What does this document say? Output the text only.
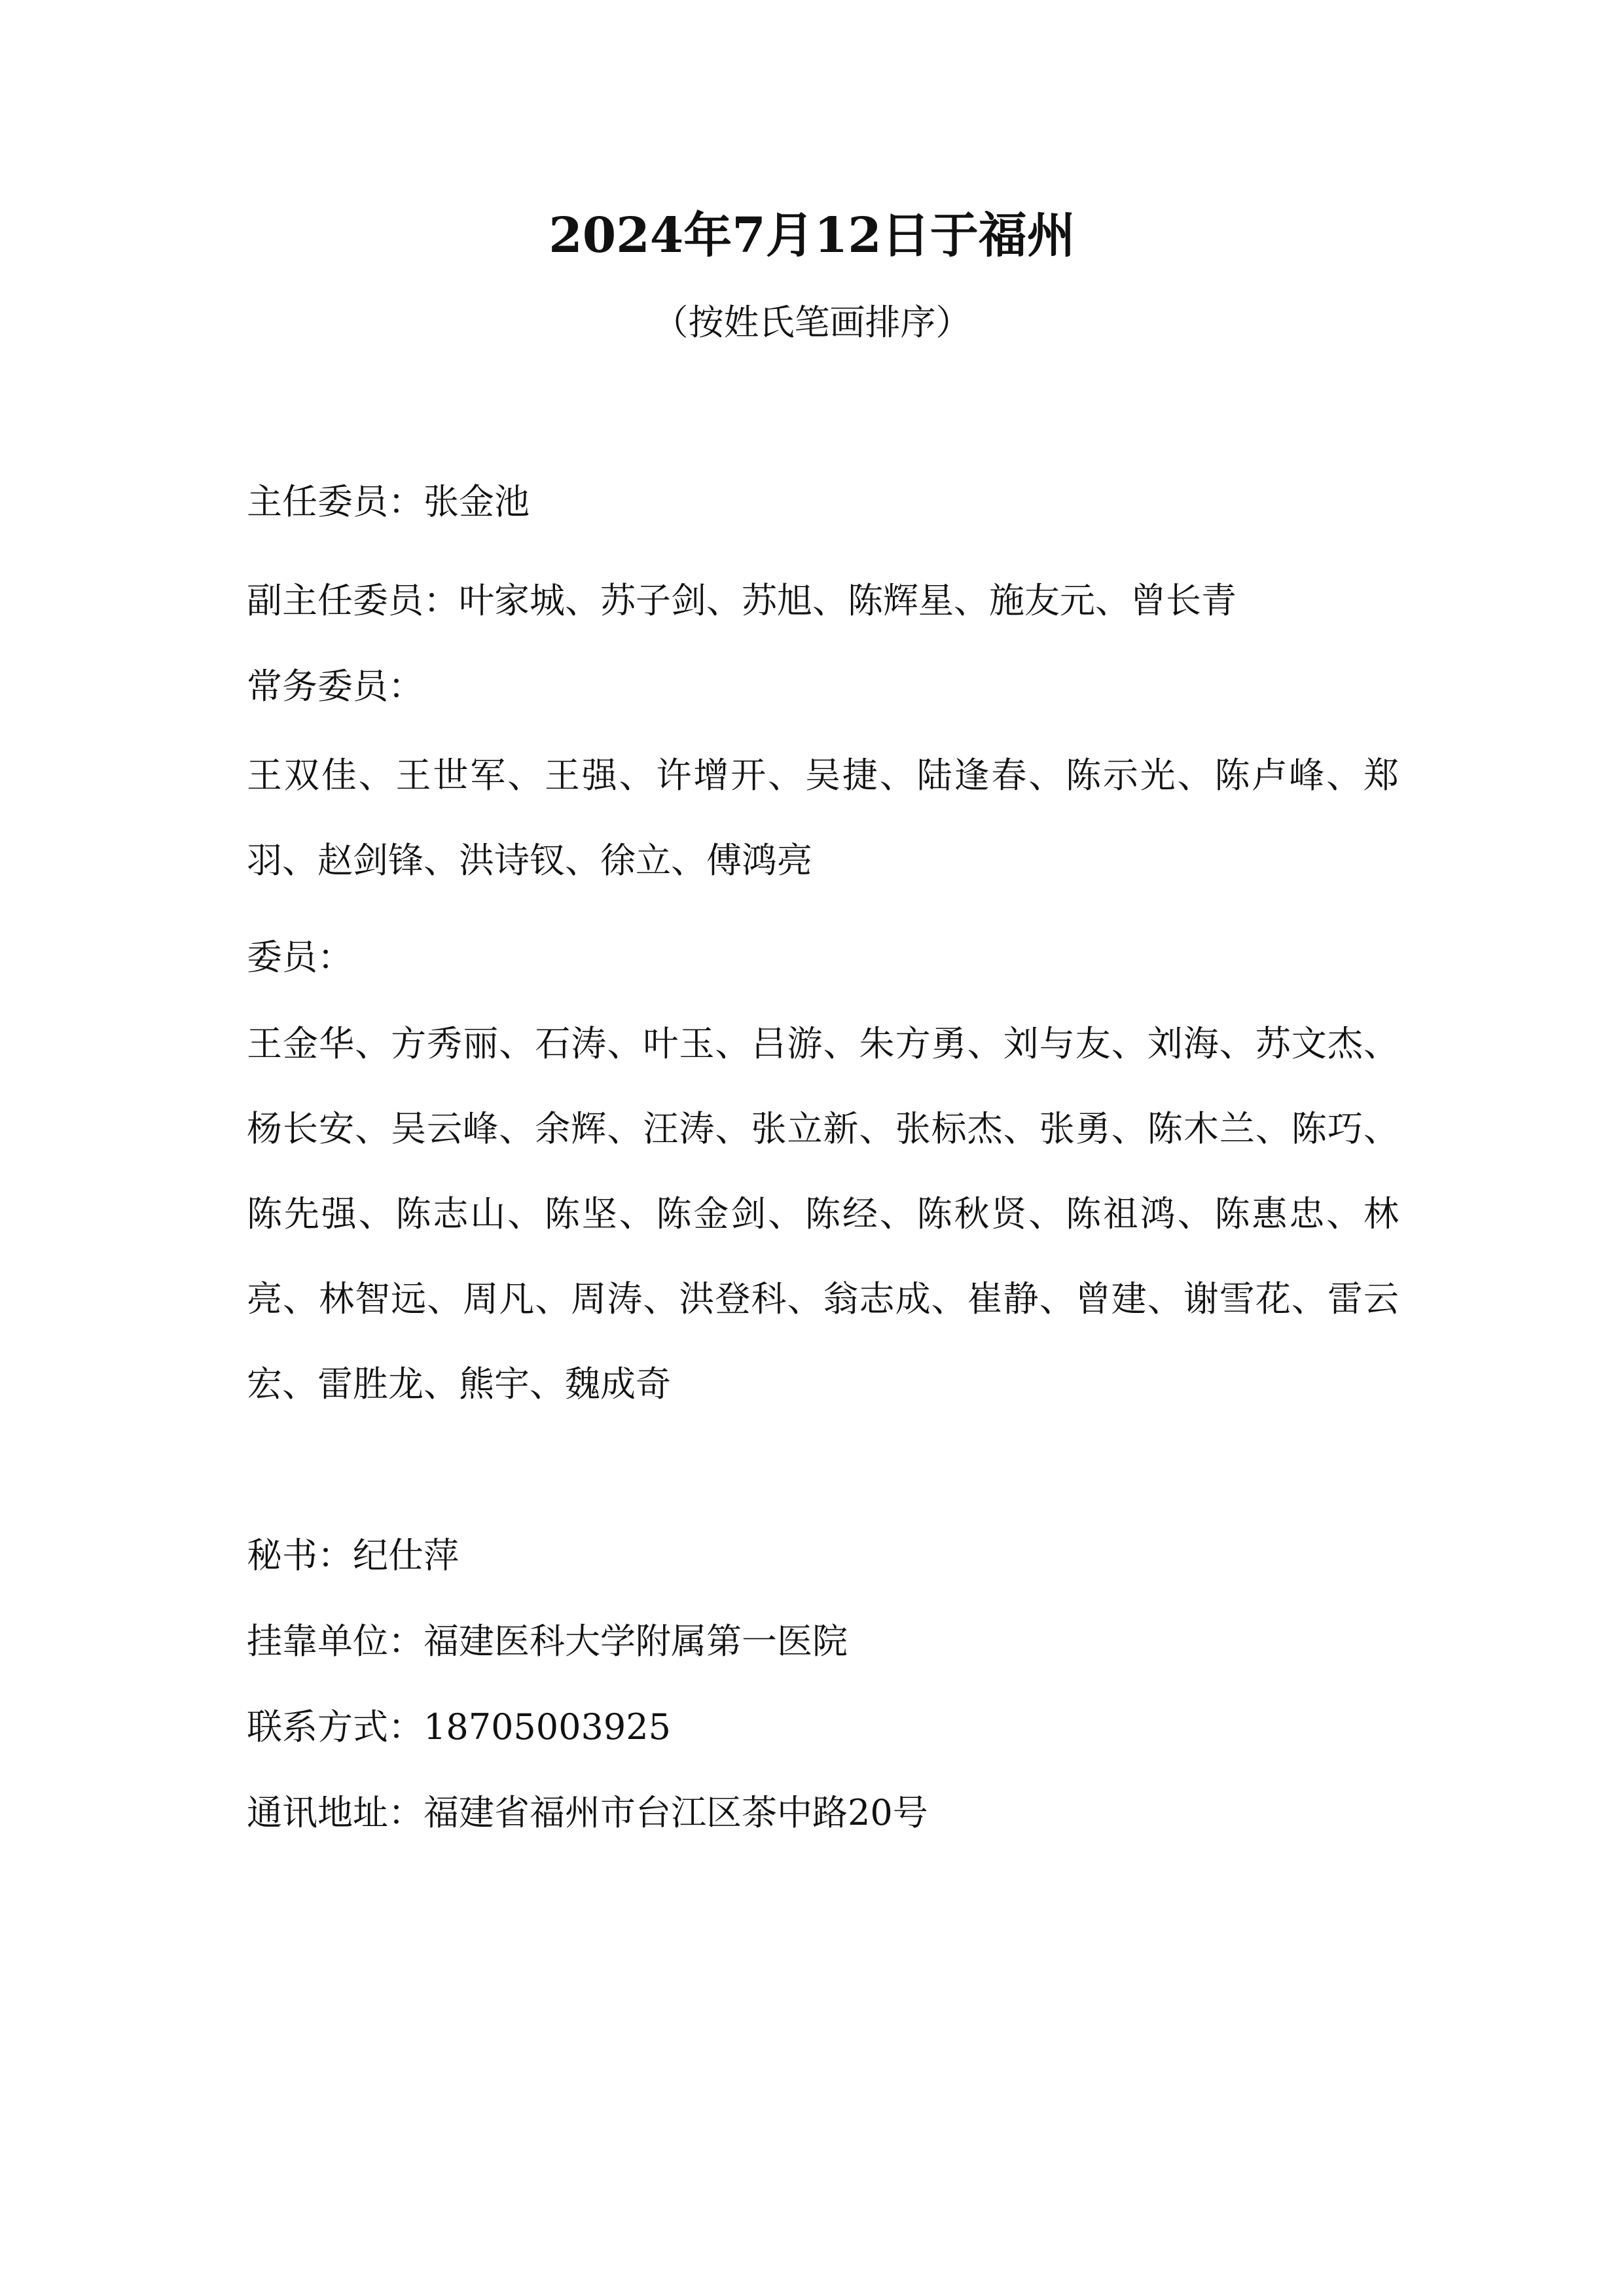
2024年7月12日于福州
（按姓氏笔画排序）
主任委员：张金池
副主任委员：叶家城、苏子剑、苏旭、陈辉星、施友元、曾长青
常务委员：
王双佳、王世军、王强、许增开、吴捷、陆逢春、陈示光、陈卢峰、郑羽、赵剑锋、洪诗钗、徐立、傅鸿亮
委员：
王金华、方秀丽、石涛、叶玉、吕游、朱方勇、刘与友、刘海、苏文杰、杨长安、吴云峰、余辉、汪涛、张立新、张标杰、张勇、陈木兰、陈巧、陈先强、陈志山、陈坚、陈金剑、陈经、陈秋贤、陈祖鸿、陈惠忠、林亮、林智远、周凡、周涛、洪登科、翁志成、崔静、曾建、谢雪花、雷云宏、雷胜龙、熊宇、魏成奇
秘书：纪仕萍
挂靠单位：福建医科大学附属第一医院
联系方式：18705003925
通讯地址：福建省福州市台江区茶中路20号
